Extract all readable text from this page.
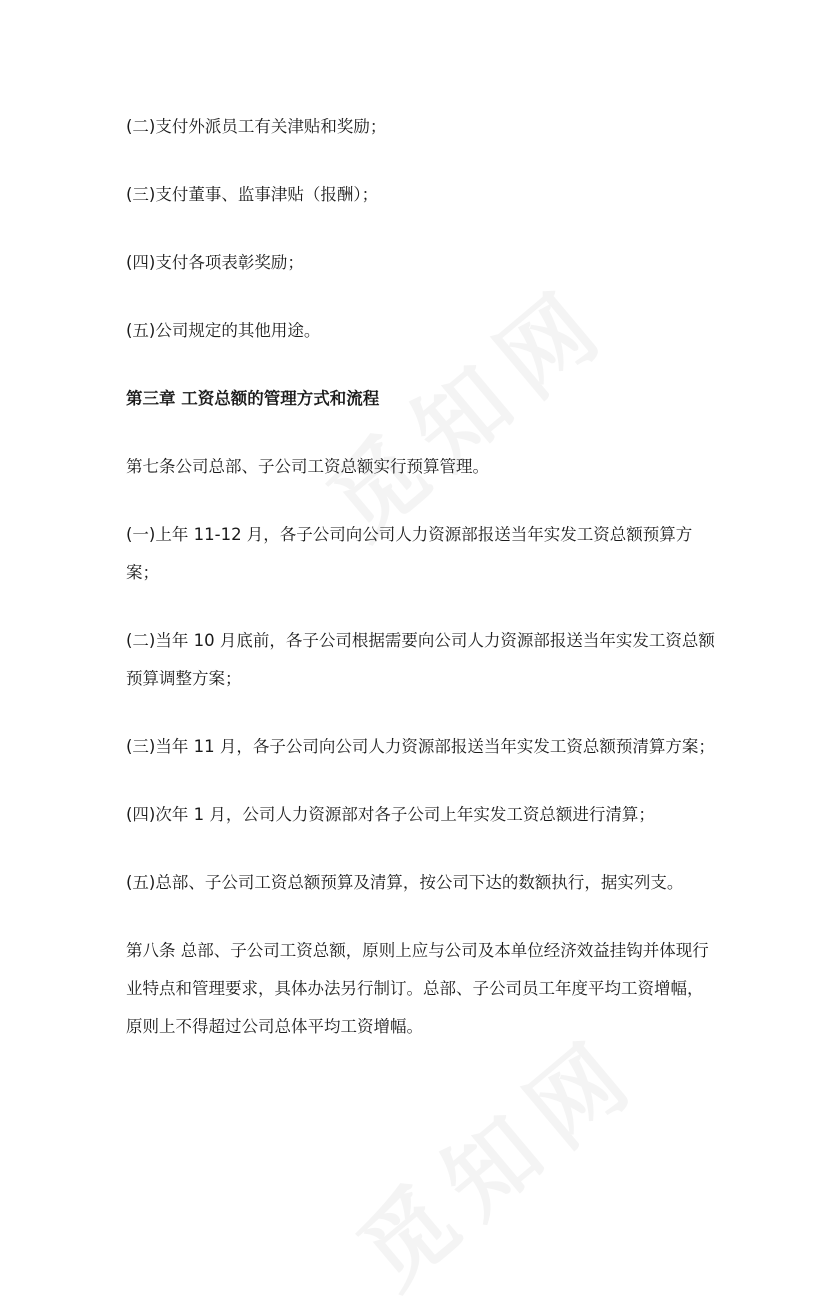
(二)支付外派员工有关津贴和奖励；

(三)支付董事、监事津贴（报酬）；

(四)支付各项表彰奖励；

(五)公司规定的其他用途。

第三章 工资总额的管理方式和流程

第七条公司总部、子公司工资总额实行预算管理。

(一)上年 11-12 月，各子公司向公司人力资源部报送当年实发工资总额预算方案；

(二)当年 10 月底前，各子公司根据需要向公司人力资源部报送当年实发工资总额预算调整方案；

(三)当年 11 月，各子公司向公司人力资源部报送当年实发工资总额预清算方案；

(四)次年 1 月，公司人力资源部对各子公司上年实发工资总额进行清算；

(五)总部、子公司工资总额预算及清算，按公司下达的数额执行，据实列支。

第八条 总部、子公司工资总额，原则上应与公司及本单位经济效益挂钩并体现行业特点和管理要求，具体办法另行制订。总部、子公司员工年度平均工资增幅，原则上不得超过公司总体平均工资增幅。
